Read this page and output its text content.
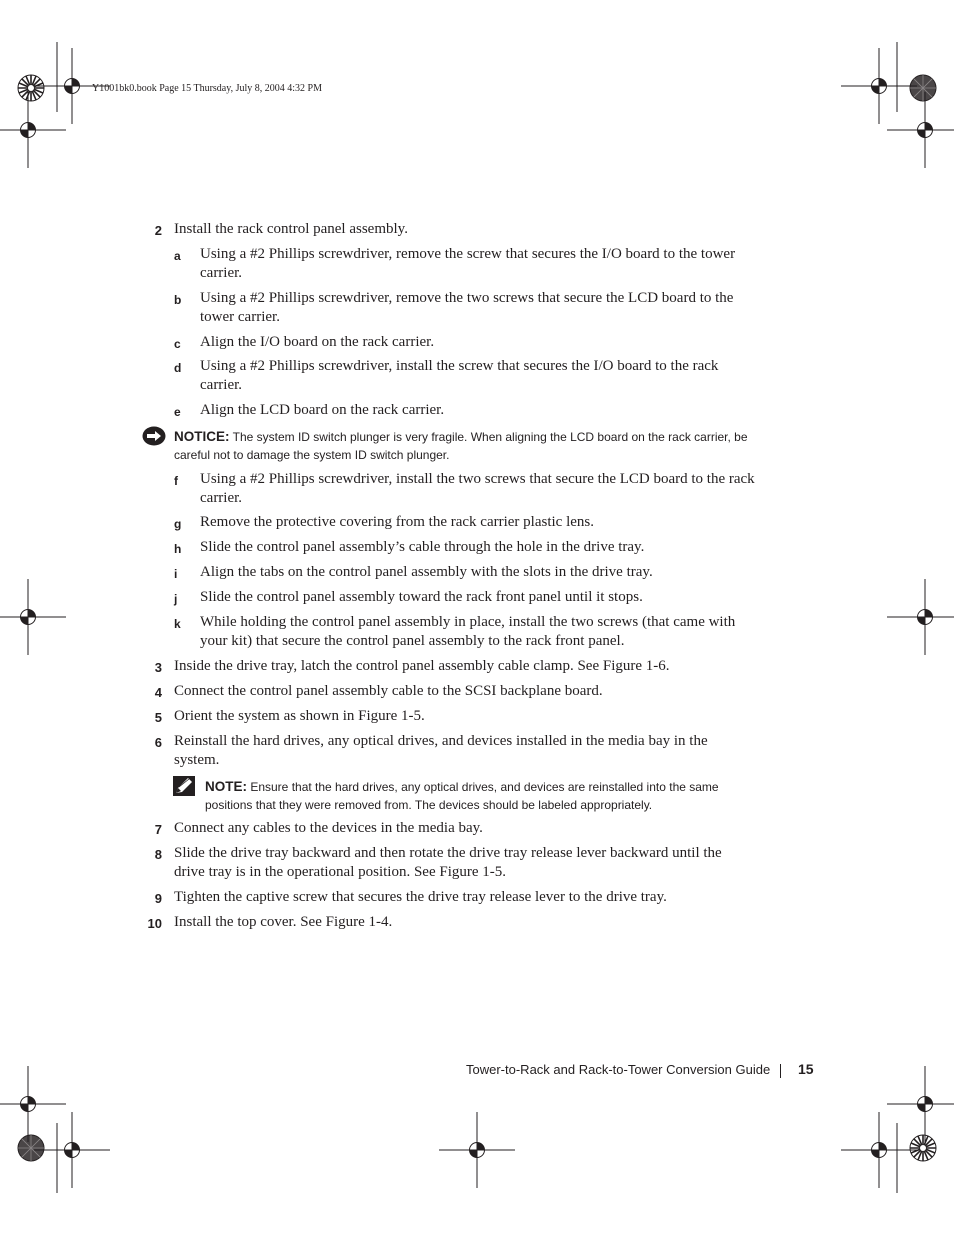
Y1001bk0.book Page 15 Thursday, July 8, 2004 4:32 PM
2 Install the rack control panel assembly.
a Using a #2 Phillips screwdriver, remove the screw that secures the I/O board to the tower carrier.
b Using a #2 Phillips screwdriver, remove the two screws that secure the LCD board to the tower carrier.
c Align the I/O board on the rack carrier.
d Using a #2 Phillips screwdriver, install the screw that secures the I/O board to the rack carrier.
e Align the LCD board on the rack carrier.
NOTICE: The system ID switch plunger is very fragile. When aligning the LCD board on the rack carrier, be careful not to damage the system ID switch plunger.
f Using a #2 Phillips screwdriver, install the two screws that secure the LCD board to the rack carrier.
g Remove the protective covering from the rack carrier plastic lens.
h Slide the control panel assembly’s cable through the hole in the drive tray.
i Align the tabs on the control panel assembly with the slots in the drive tray.
j Slide the control panel assembly toward the rack front panel until it stops.
k While holding the control panel assembly in place, install the two screws (that came with your kit) that secure the control panel assembly to the rack front panel.
3 Inside the drive tray, latch the control panel assembly cable clamp. See Figure 1-6.
4 Connect the control panel assembly cable to the SCSI backplane board.
5 Orient the system as shown in Figure 1-5.
6 Reinstall the hard drives, any optical drives, and devices installed in the media bay in the system.
NOTE: Ensure that the hard drives, any optical drives, and devices are reinstalled into the same positions that they were removed from. The devices should be labeled appropriately.
7 Connect any cables to the devices in the media bay.
8 Slide the drive tray backward and then rotate the drive tray release lever backward until the drive tray is in the operational position. See Figure 1-5.
9 Tighten the captive screw that secures the drive tray release lever to the drive tray.
10 Install the top cover. See Figure 1-4.
Tower-to-Rack and Rack-to-Tower Conversion Guide 15
